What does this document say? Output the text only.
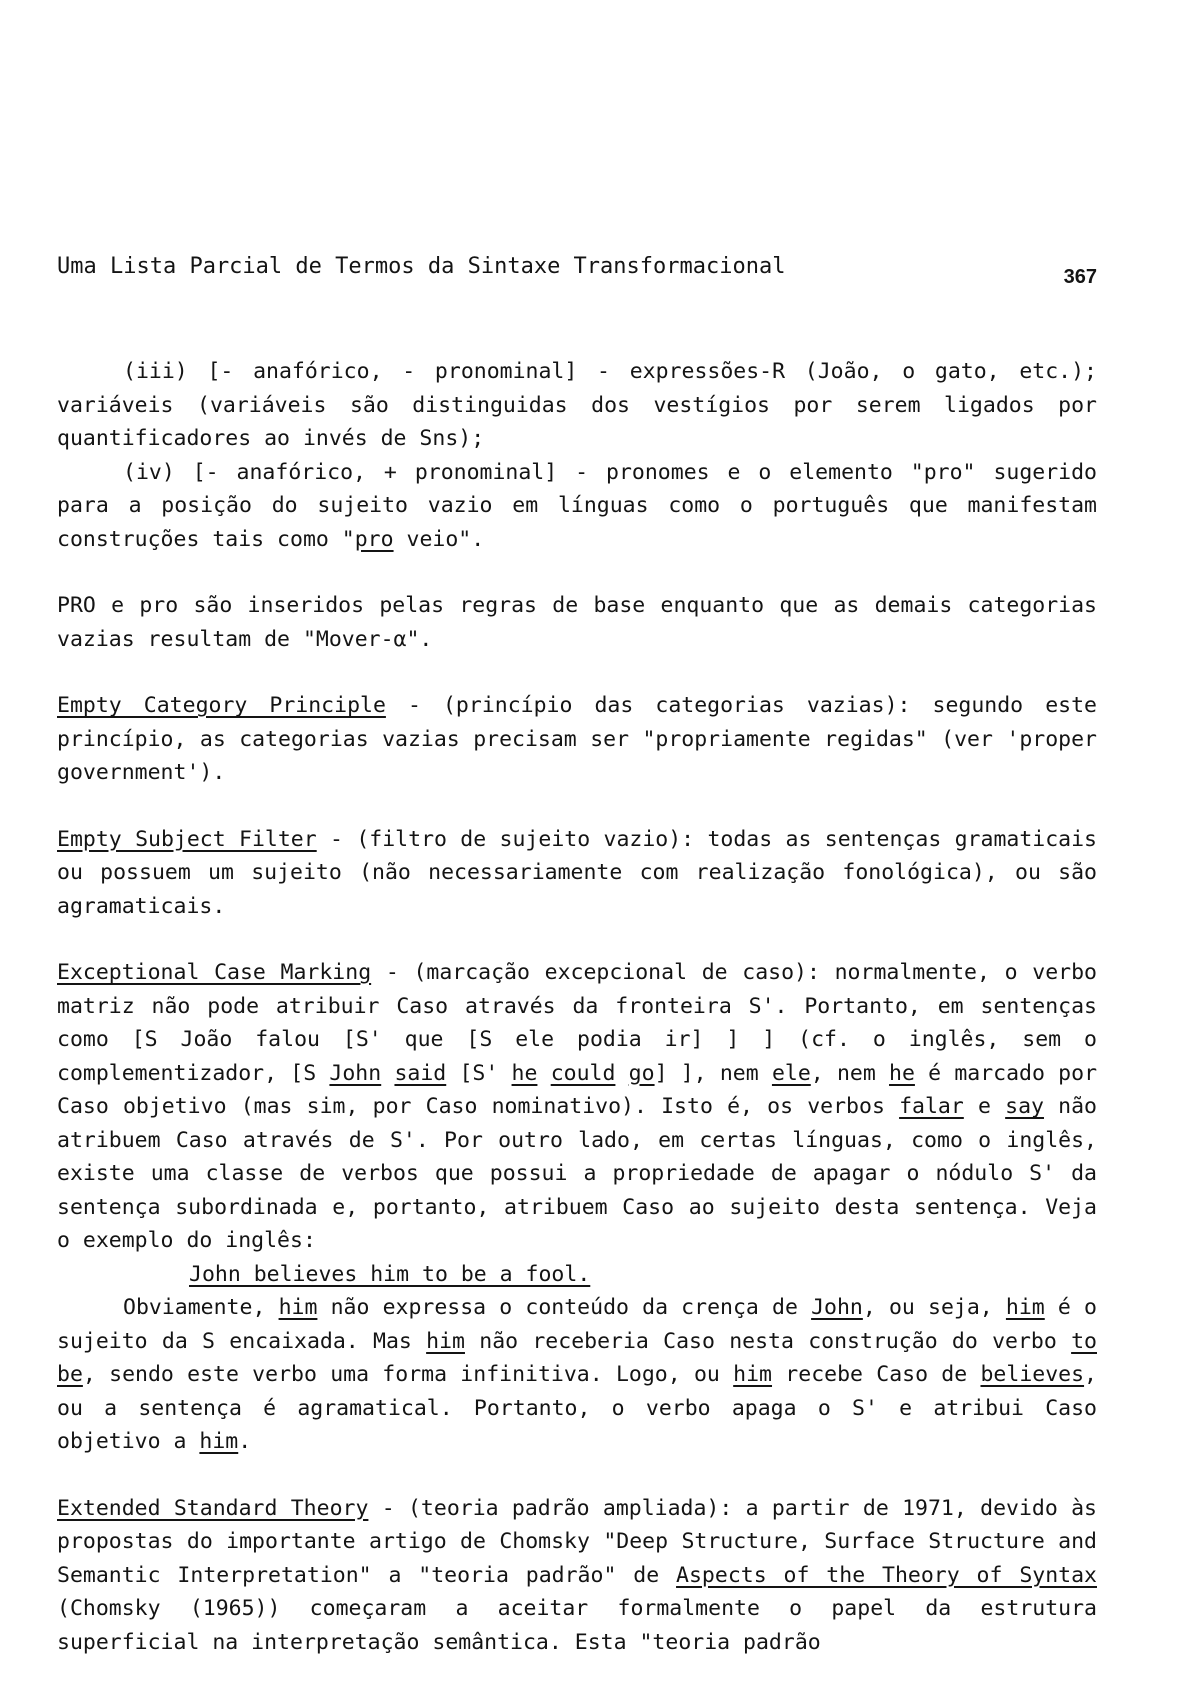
Uma Lista Parcial de Termos da Sintaxe Transformacional	367

(iii) [- anafórico, - pronominal] - expressões-R (João, o gato, etc.); variáveis (variáveis são distinguidas dos vestígios por serem ligados por quantificadores ao invés de Sns);

(iv) [- anafórico, + pronominal] - pronomes e o elemento "pro" sugerido para a posição do sujeito vazio em línguas como o português que manifestam construções tais como "pro veio".

PRO e pro são inseridos pelas regras de base enquanto que as demais categorias vazias resultam de "Mover-α".

Empty Category Principle - (princípio das categorias vazias): segundo este princípio, as categorias vazias precisam ser "propriamente regidas" (ver 'proper government').

Empty Subject Filter - (filtro de sujeito vazio): todas as sentenças gramaticais ou possuem um sujeito (não necessariamente com realização fonológica), ou são agramaticais.

Exceptional Case Marking - (marcação excepcional de caso): normalmente, o verbo matriz não pode atribuir Caso através da fronteira S'. Portanto, em sentenças como [S João falou [S' que [S ele podia ir] ] ] (cf. o inglês, sem o complementizador, [S John said [S' he could go] ], nem ele, nem he é marcado por Caso objetivo (mas sim, por Caso nominativo). Isto é, os verbos falar e say não atribuem Caso através de S'. Por outro lado, em certas línguas, como o inglês, existe uma classe de verbos que possui a propriedade de apagar o nódulo S' da sentença subordinada e, portanto, atribuem Caso ao sujeito desta sentença. Veja o exemplo do inglês:

John believes him to be a fool.

Obviamente, him não expressa o conteúdo da crença de John, ou seja, him é o sujeito da S encaixada. Mas him não receberia Caso nesta construção do verbo to be, sendo este verbo uma forma infinitiva. Logo, ou him recebe Caso de believes, ou a sentença é agramatical. Portanto, o verbo apaga o S' e atribui Caso objetivo a him.

Extended Standard Theory - (teoria padrão ampliada): a partir de 1971, devido às propostas do importante artigo de Chomsky "Deep Structure, Surface Structure and Semantic Interpretation" a "teoria padrão" de Aspects of the Theory of Syntax (Chomsky (1965)) começaram a aceitar formalmente o papel da estrutura superficial na interpretação semântica. Esta "teoria padrão
